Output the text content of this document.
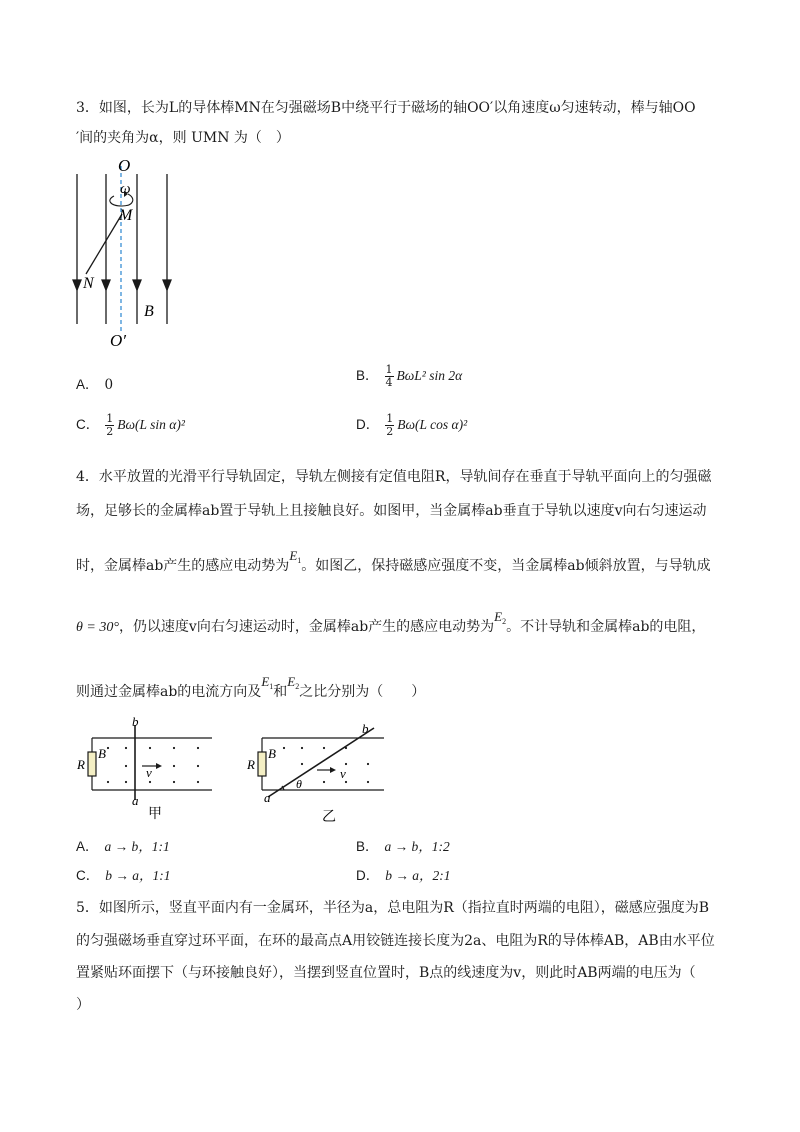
3．如图，长为L的导体棒MN在匀强磁场B中绕平行于磁场的轴OO′以角速度ω匀速转动，棒与轴OO
′间的夹角为α，则 UMN 为（　）
O
ω
M
N
B
O′
A． 0
B． $\frac{1}{4} B\omega L^2$ sin 2α
C． $\frac{1}{2} B\omega(L$ sin α)²	D． $\frac{1}{2} B\omega(L$ cos α)²
4．水平放置的光滑平行导轨固定，导轨左侧接有定值电阻R，导轨间存在垂直于导轨平面向上的匀强磁
场，足够长的金属棒ab置于导轨上且接触良好。如图甲，当金属棒ab垂直于导轨以速度v向右匀速运动
时，金属棒ab产生的感应电动势为$E_1$。如图乙，保持磁感应强度不变，当金属棒ab倾斜放置，与导轨成
θ = 30°，仍以速度v向右匀速运动时，金属棒ab产生的感应电动势为$E_2$。不计导轨和金属棒ab的电阻，
则通过金属棒ab的电流方向及$E_1$和$E_2$之比分别为（　　）
b
B
R
v
a
甲
b
B
R
v
a
θ
乙
A． a → b，1:1	B． a → b，1:2
C． b → a，1:1	D． b → a，2:1
5．如图所示，竖直平面内有一金属环，半径为a，总电阻为R（指拉直时两端的电阻），磁感应强度为B
的匀强磁场垂直穿过环平面，在环的最高点A用铰链连接长度为2a、电阻为R的导体棒AB，AB由水平位
置紧贴环面摆下（与环接触良好），当摆到竖直位置时，B点的线速度为v，则此时AB两端的电压为（
）
